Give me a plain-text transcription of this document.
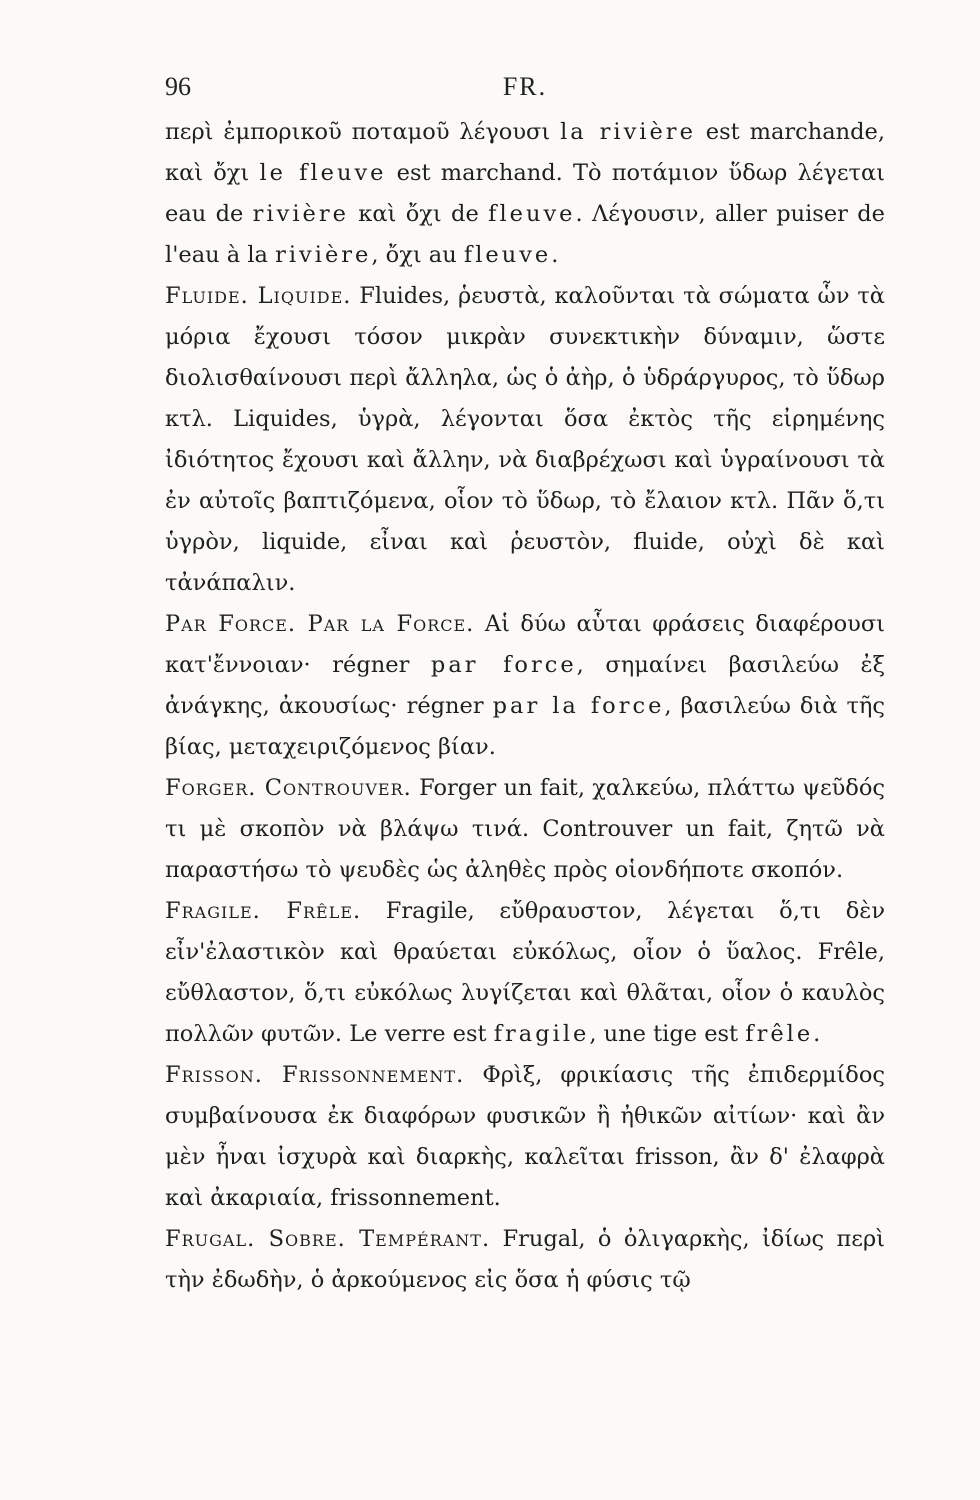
96	FR.

περὶ ἐμπορικοῦ ποταμοῦ λέγουσι la rivière est marchande, καὶ ὄχι le fleuve est marchand. Τὸ ποτάμιον ὕδωρ λέγεται eau de rivière καὶ ὄχι de fleuve. Λέγουσιν, aller puiser de l'eau à la rivière, ὄχι au fleuve.

Fluide. Liquide. Fluides, ῥευστὰ, καλοῦνται τὰ σώματα ὧν τὰ μόρια ἔχουσι τόσον μικρὰν συνεκτικὴν δύναμιν, ὥστε διολισθαίνουσι περὶ ἄλληλα, ὡς ὁ ἀὴρ, ὁ ὑδράργυρος, τὸ ὕδωρ κτλ. Liquides, ὑγρὰ, λέγονται ὅσα ἐκτὸς τῆς εἰρημένης ἰδιότητος ἔχουσι καὶ ἄλλην, νὰ διαβρέχωσι καὶ ὑγραίνουσι τὰ ἐν αὐτοῖς βαπτιζόμενα, οἷον τὸ ὕδωρ, τὸ ἔλαιον κτλ. Πᾶν ὅ,τι ὑγρὸν, liquide, εἶναι καὶ ῥευστὸν, fluide, οὐχὶ δὲ καὶ τἀνάπαλιν.

Par Force. Par la Force. Αἱ δύω αὗται φράσεις διαφέρουσι κατ'ἔννοιαν· régner par force, σημαίνει βασιλεύω ἐξ ἀνάγκης, ἀκουσίως· régner par la force, βασιλεύω διὰ τῆς βίας, μεταχειριζόμενος βίαν.

Forger. Controuver. Forger un fait, χαλκεύω, πλάττω ψεῦδός τι μὲ σκοπὸν νὰ βλάψω τινά. Controuver un fait, ζητῶ νὰ παραστήσω τὸ ψευδὲς ὡς ἀληθὲς πρὸς οἱονδήποτε σκοπόν.

Fragile. Frêle. Fragile, εὔθραυστον, λέγεται ὅ,τι δὲν εἶν'ἐλαστικὸν καὶ θραύεται εὐκόλως, οἷον ὁ ὕαλος. Frêle, εὔθλαστον, ὅ,τι εὐκόλως λυγίζεται καὶ θλᾶται, οἷον ὁ καυλὸς πολλῶν φυτῶν. Le verre est fragile, une tige est frêle.

Frisson. Frissonnement. Φρὶξ, φρικίασις τῆς ἐπιδερμίδος συμβαίνουσα ἐκ διαφόρων φυσικῶν ἢ ἠθικῶν αἰτίων· καὶ ἂν μὲν ἦναι ἰσχυρὰ καὶ διαρκὴς, καλεῖται frisson, ἂν δ' ἐλαφρὰ καὶ ἀκαριαία, frissonnement.

Frugal. Sobre. Tempérant. Frugal, ὁ ὀλιγαρκὴς, ἰδίως περὶ τὴν ἐδωδὴν, ὁ ἀρκούμενος εἰς ὅσα ἡ φύσις τῷ
